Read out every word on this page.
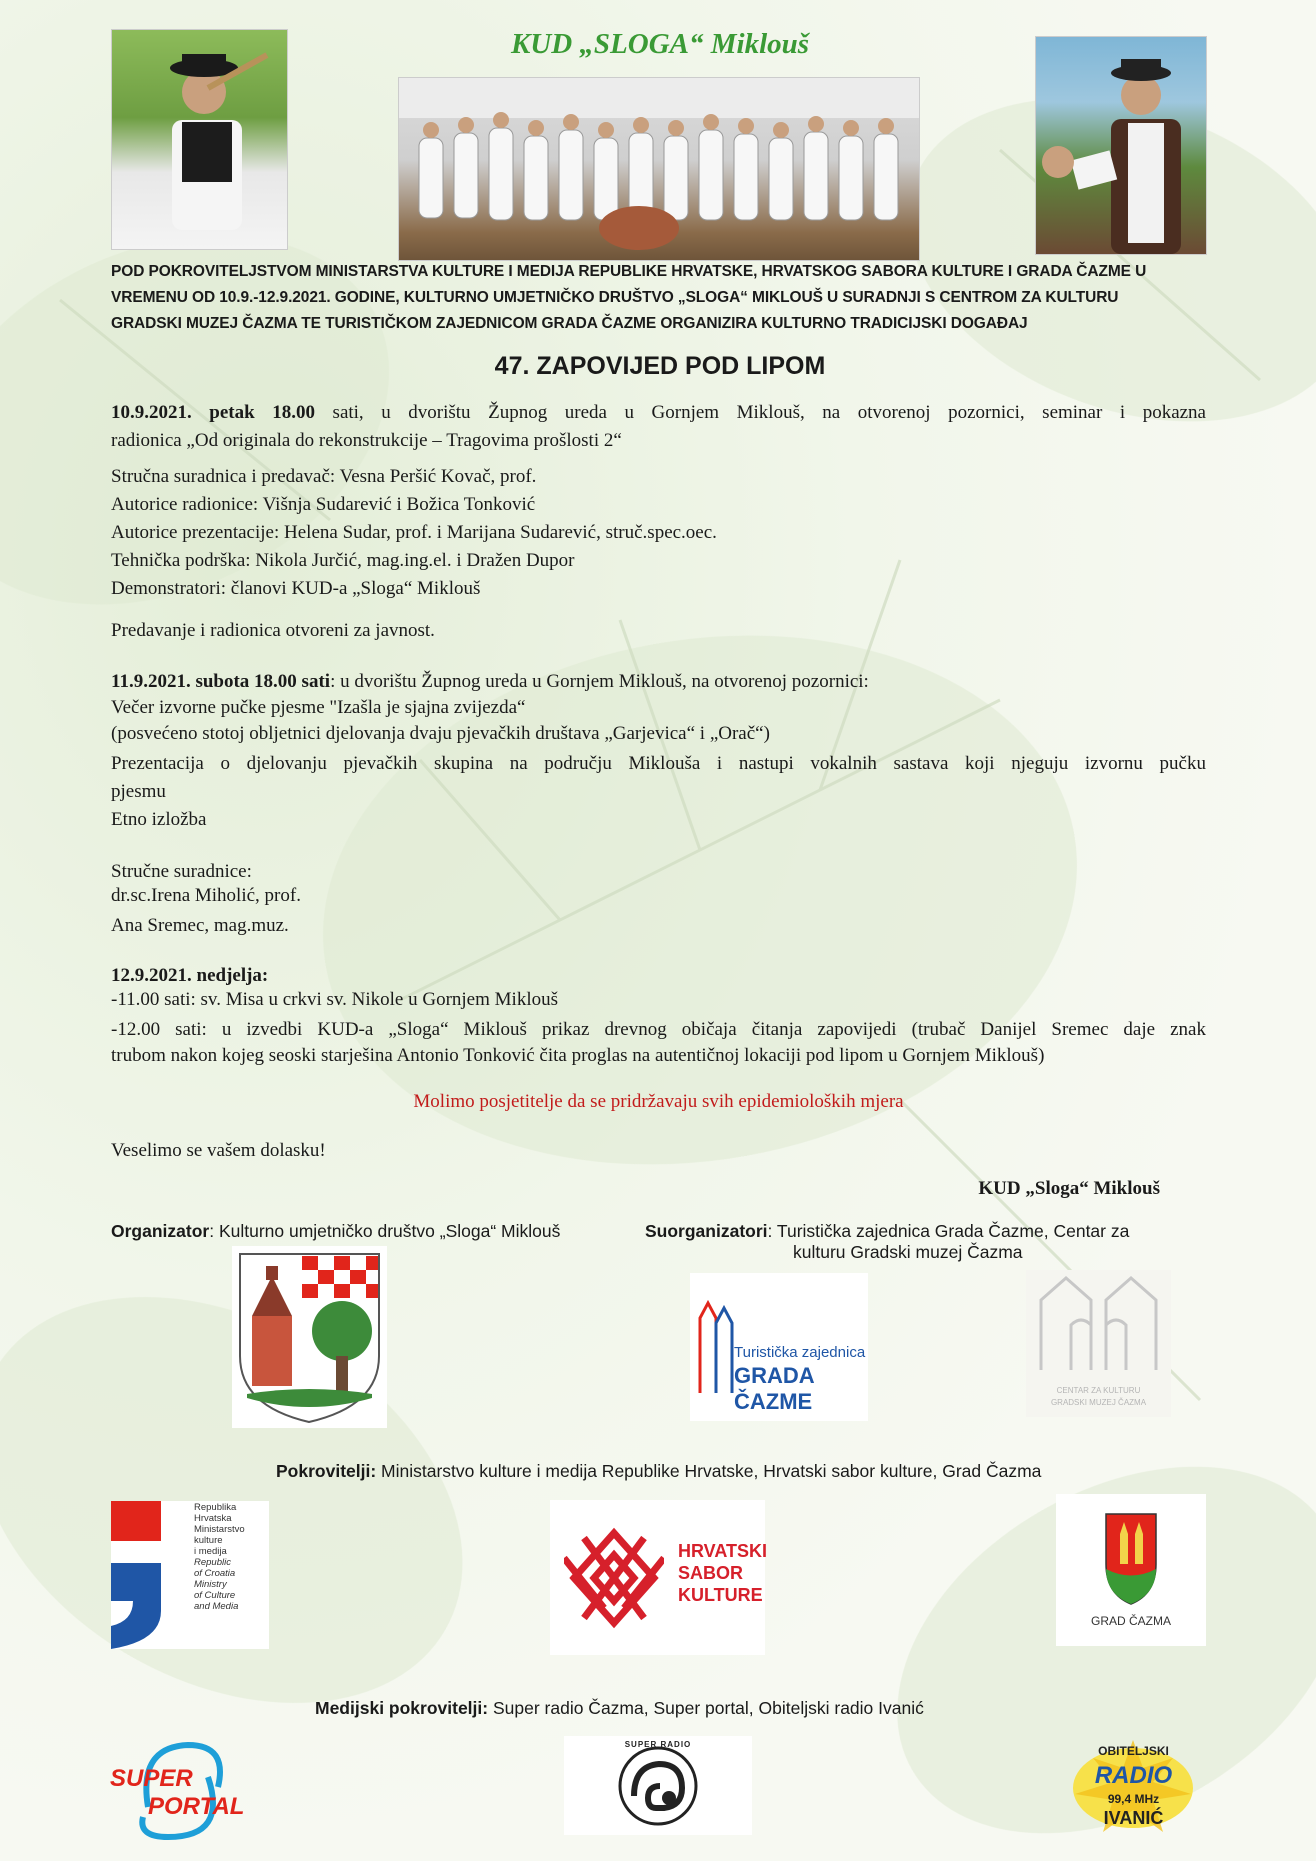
KUD „SLOGA“ Miklouš
POD POKROVITELJSTVOM MINISTARSTVA KULTURE I MEDIJA REPUBLIKE HRVATSKE, HRVATSKOG SABORA KULTURE I GRADA ČAZME U
VREMENU OD 10.9.-12.9.2021. GODINE, KULTURNO UMJETNIČKO DRUŠTVO „SLOGA“ MIKLOUŠ U SURADNJI S CENTROM ZA KULTURU
GRADSKI MUZEJ ČAZMA TE TURISTIČKOM ZAJEDNICOM GRADA ČAZME ORGANIZIRA KULTURNO TRADICIJSKI DOGAĐAJ
47. ZAPOVIJED POD LIPOM
10.9.2021. petak 18.00 sati, u dvorištu Župnog ureda u Gornjem Miklouš, na otvorenoj pozornici, seminar i pokazna
radionica „Od originala do rekonstrukcije – Tragovima prošlosti 2“
Stručna suradnica i predavač: Vesna Peršić Kovač, prof.
Autorice radionice: Višnja Sudarević i Božica Tonković
Autorice prezentacije: Helena Sudar, prof. i Marijana Sudarević, struč.spec.oec.
Tehnička podrška: Nikola Jurčić, mag.ing.el. i Dražen Dupor
Demonstratori: članovi KUD-a „Sloga“ Miklouš
Predavanje i radionica otvoreni za javnost.
11.9.2021. subota 18.00 sati: u dvorištu Župnog ureda u Gornjem Miklouš, na otvorenoj pozornici:
Večer izvorne pučke pjesme "Izašla je sjajna zvijezda“
(posvećeno stotoj obljetnici djelovanja dvaju pjevačkih društava „Garjevica“ i „Orač“)
Prezentacija o djelovanju pjevačkih skupina na području Miklouša i nastupi vokalnih sastava koji njeguju izvornu pučku
pjesmu
Etno izložba
Stručne suradnice:
dr.sc.Irena Miholić, prof.
Ana Sremec, mag.muz.
12.9.2021. nedjelja:
-11.00 sati: sv. Misa u crkvi sv. Nikole u Gornjem Miklouš
-12.00 sati: u izvedbi KUD-a „Sloga“ Miklouš prikaz drevnog običaja čitanja zapovijedi (trubač Danijel Sremec daje znak
trubom nakon kojeg seoski starješina Antonio Tonković čita proglas na autentičnoj lokaciji pod lipom u Gornjem Miklouš)
Molimo posjetitelje da se pridržavaju svih epidemioloških mjera
Veselimo se vašem dolasku!
KUD „Sloga“ Miklouš
Organizator: Kulturno umjetničko društvo „Sloga“ Miklouš	Suorganizatori: Turistička zajednica Grada Čazme, Centar za
kulturu Gradski muzej Čazma
Turistička zajednica
GRADA ČAZME	CENTAR ZA KULTURU
GRADSKI MUZEJ ČAZMA
Pokrovitelji: Ministarstvo kulture i medija Republike Hrvatske, Hrvatski sabor kulture, Grad Čazma
Republika
Hrvatska
Ministarstvo
kulture
i medija
Republic
of Croatia
Ministry
of Culture
and Media
HRVATSKI
SABOR
KULTURE
GRAD ČAZMA
Medijski pokrovitelji: Super radio Čazma, Super portal, Obiteljski radio Ivanić
SUPER
PORTAL
SUPER RADIO	OBITELJSKI
RADIO
99,4 MHz
IVANIĆ
